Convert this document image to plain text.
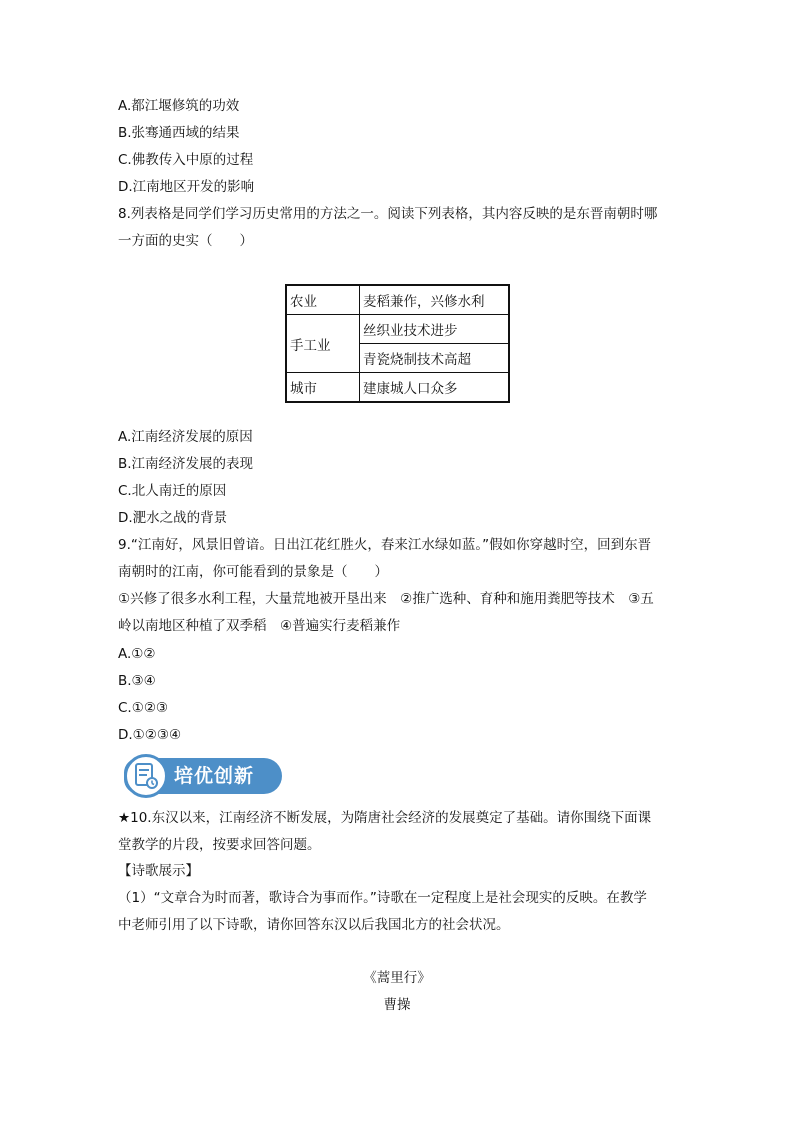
A.都江堰修筑的功效
B.张骞通西域的结果
C.佛教传入中原的过程
D.江南地区开发的影响
8.列表格是同学们学习历史常用的方法之一。阅读下列表格，其内容反映的是东晋南朝时哪
一方面的史实（　　）
农业	麦稻兼作，兴修水利
手工业	丝织业技术进步
	青瓷烧制技术高超
城市	建康城人口众多
A.江南经济发展的原因
B.江南经济发展的表现
C.北人南迁的原因
D.淝水之战的背景
9.“江南好，风景旧曾谙。日出江花红胜火，春来江水绿如蓝。”假如你穿越时空，回到东晋
南朝时的江南，你可能看到的景象是（　　）
①兴修了很多水利工程，大量荒地被开垦出来　②推广选种、育种和施用粪肥等技术　③五
岭以南地区种植了双季稻　④普遍实行麦稻兼作
A.①②
B.③④
C.①②③
D.①②③④
培优创新
★10.东汉以来，江南经济不断发展，为隋唐社会经济的发展奠定了基础。请你围绕下面课
堂教学的片段，按要求回答问题。
【诗歌展示】
（1）“文章合为时而著，歌诗合为事而作。”诗歌在一定程度上是社会现实的反映。在教学
中老师引用了以下诗歌，请你回答东汉以后我国北方的社会状况。
《蒿里行》
曹操
